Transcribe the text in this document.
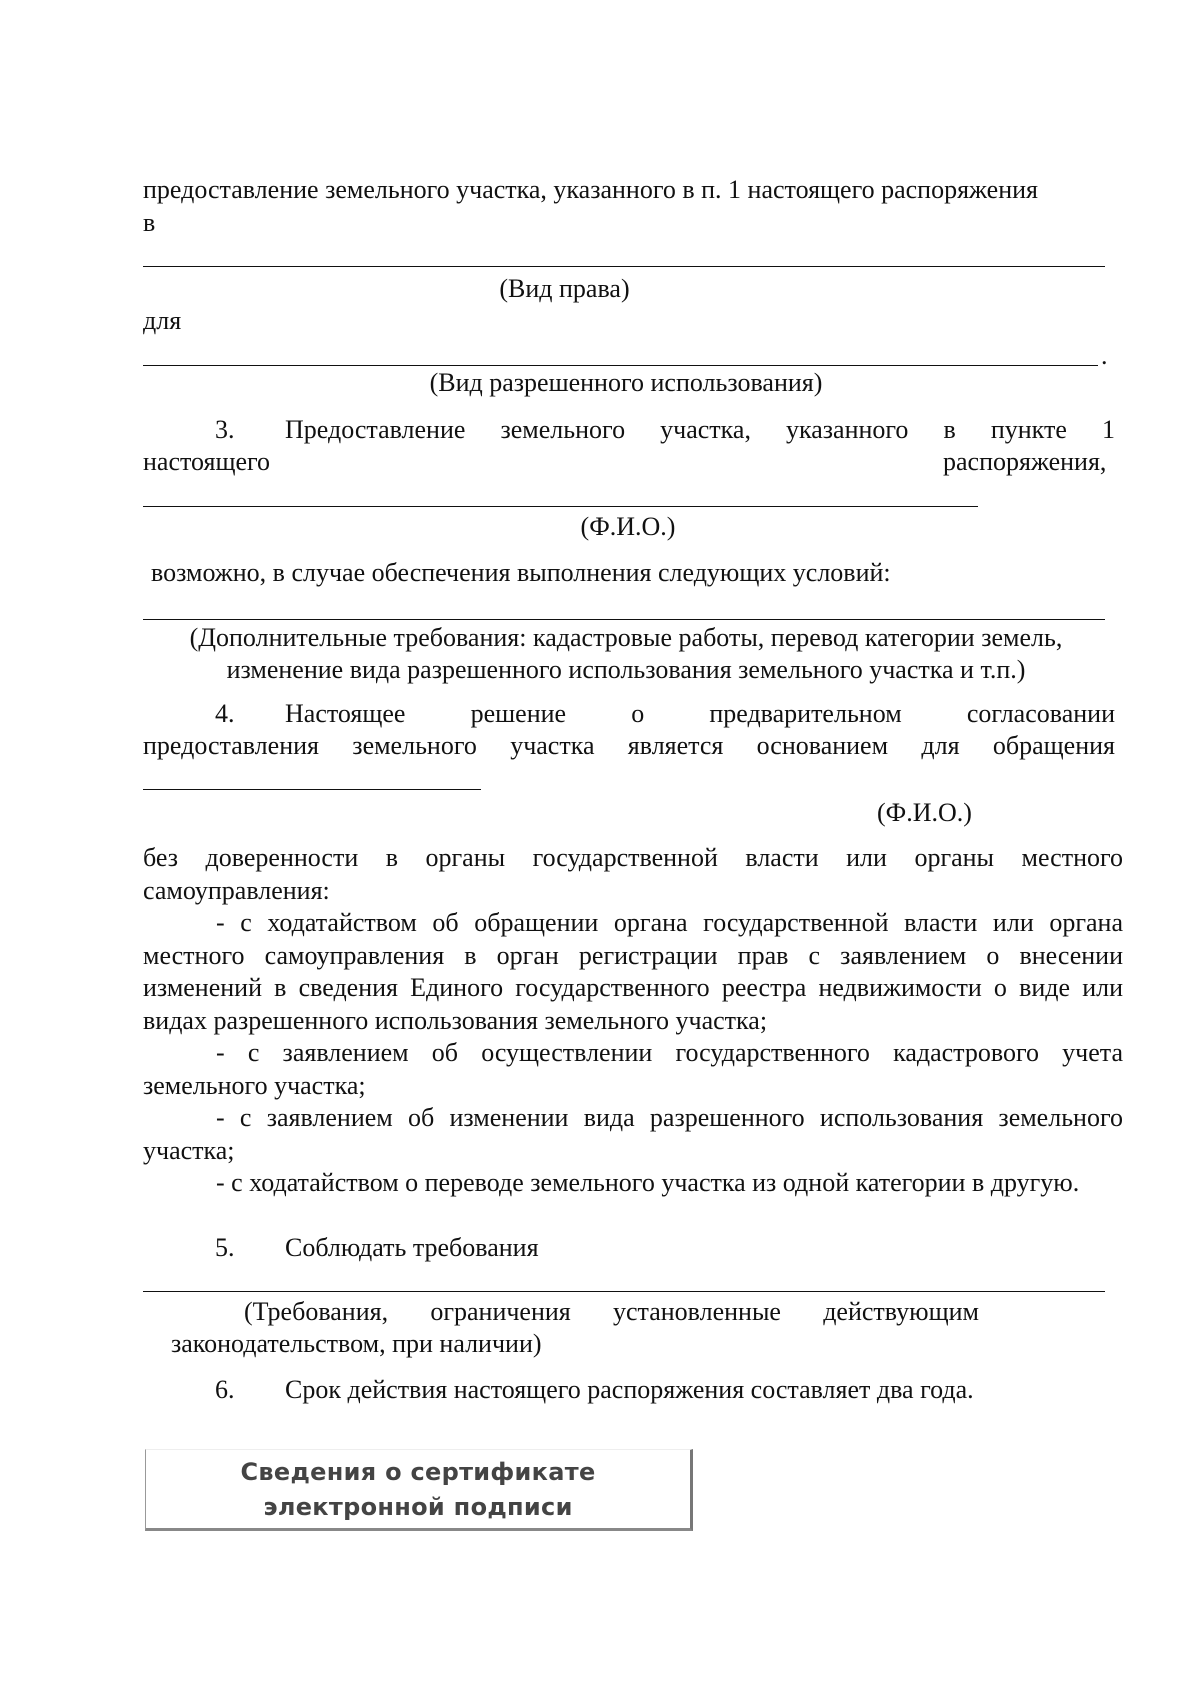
предоставление земельного участка, указанного в п. 1 настоящего распоряжения
в
(Вид права)
для
.
(Вид разрешенного использования)
3. Предоставление земельного участка, указанного в пункте 1
настоящего	распоряжения,
(Ф.И.О.)
возможно, в случае обеспечения выполнения следующих условий:
(Дополнительные требования: кадастровые работы, перевод категории земель,
изменение вида разрешенного использования земельного участка и т.п.)
4. Настоящее	решение	о	предварительном	согласовании
предоставления земельного участка является основанием для обращения
(Ф.И.О.)
без доверенности в органы государственной власти или органы местного самоуправления:
- с ходатайством об обращении органа государственной власти или органа местного самоуправления в орган регистрации прав с заявлением о внесении изменений в сведения Единого государственного реестра недвижимости о виде или видах разрешенного использования земельного участка;
- с заявлением об осуществлении государственного кадастрового учета земельного участка;
- с заявлением об изменении вида разрешенного использования земельного участка;
- с ходатайством о переводе земельного участка из одной категории в другую.
5. Соблюдать требования
(Требования, ограничения установленные действующим
законодательством, при наличии)
6. Срок действия настоящего распоряжения составляет два года.
Сведения о сертификате
электронной подписи
